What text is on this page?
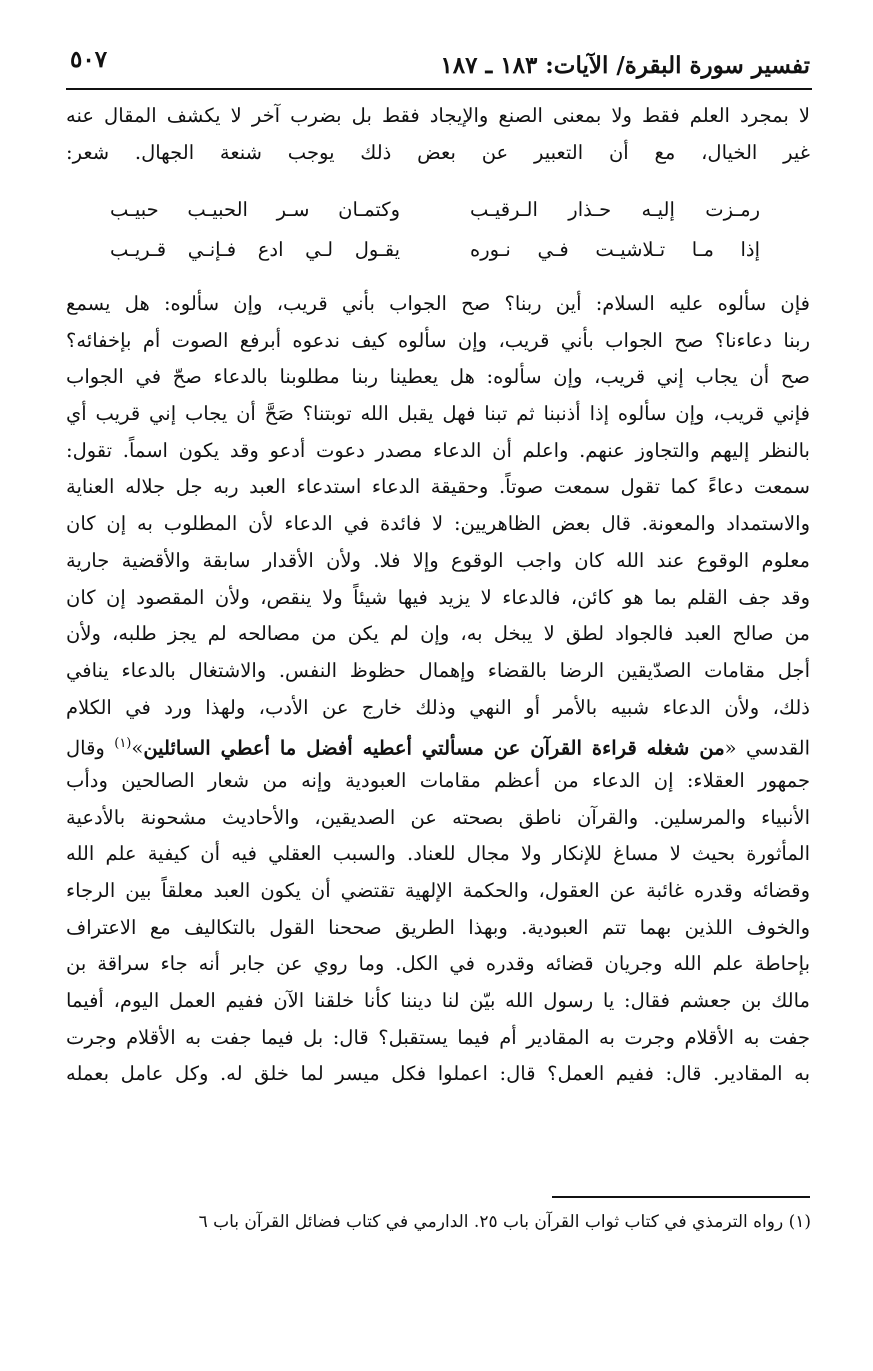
تفسير سورة البقرة/ الآيات: ١٨٣ ـ ١٨٧
٥٠٧
لا بمجرد العلم فقط ولا بمعنى الصنع والإيجاد فقط بل بضرب آخر لا يكشف المقال عنه
غير الخيال، مع أن التعبير عن بعض ذلك يوجب شنعة الجهال. شعر:
رمـزت إليـه حـذار الـرقيـب
وكتمـان سـر الحبيـب حبيـب
إذا مـا تـلاشيـت فـي نـوره
يقـول لـي ادع فـإنـي قـريـب
فإن سألوه عليه السلام: أين ربنا؟ صح الجواب بأني قريب، وإن سألوه: هل يسمع
ربنا دعاءنا؟ صح الجواب بأني قريب، وإن سألوه كيف ندعوه أبرفع الصوت أم بإخفائه؟
صح أن يجاب إني قريب، وإن سألوه: هل يعطينا ربنا مطلوبنا بالدعاء صحّ في الجواب
فإني قريب، وإن سألوه إذا أذنبنا ثم تبنا فهل يقبل الله توبتنا؟ صَحَّ أن يجاب إني قريب أي
بالنظر إليهم والتجاوز عنهم. واعلم أن الدعاء مصدر دعوت أدعو وقد يكون اسماً. تقول:
سمعت دعاءً كما تقول سمعت صوتاً. وحقيقة الدعاء استدعاء العبد ربه جل جلاله العناية
والاستمداد والمعونة. قال بعض الظاهريين: لا فائدة في الدعاء لأن المطلوب به إن كان
معلوم الوقوع عند الله كان واجب الوقوع وإلا فلا. ولأن الأقدار سابقة والأقضية جارية
وقد جف القلم بما هو كائن، فالدعاء لا يزيد فيها شيئاً ولا ينقص، ولأن المقصود إن كان
من صالح العبد فالجواد لطق لا يبخل به، وإن لم يكن من مصالحه لم يجز طلبه، ولأن
أجل مقامات الصدّيقين الرضا بالقضاء وإهمال حظوظ النفس. والاشتغال بالدعاء ينافي
ذلك، ولأن الدعاء شبيه بالأمر أو النهي وذلك خارج عن الأدب، ولهذا ورد في الكلام
القدسي «من شغله قراءة القرآن عن مسألتي أعطيه أفضل ما أعطي السائلين»$^{(١)}$ وقال
جمهور العقلاء: إن الدعاء من أعظم مقامات العبودية وإنه من شعار الصالحين ودأب
الأنبياء والمرسلين. والقرآن ناطق بصحته عن الصديقين، والأحاديث مشحونة بالأدعية
المأثورة بحيث لا مساغ للإنكار ولا مجال للعناد. والسبب العقلي فيه أن كيفية علم الله
وقضائه وقدره غائبة عن العقول، والحكمة الإلهية تقتضي أن يكون العبد معلقاً بين الرجاء
والخوف اللذين بهما تتم العبودية. وبهذا الطريق صححنا القول بالتكاليف مع الاعتراف
بإحاطة علم الله وجريان قضائه وقدره في الكل. وما روي عن جابر أنه جاء سراقة بن
مالك بن جعشم فقال: يا رسول الله بيّن لنا ديننا كأنا خلقنا الآن ففيم العمل اليوم، أفيما
جفت به الأقلام وجرت به المقادير أم فيما يستقبل؟ قال: بل فيما جفت به الأقلام وجرت
به المقادير. قال: ففيم العمل؟ قال: اعملوا فكل ميسر لما خلق له. وكل عامل بعمله
(١) رواه الترمذي في كتاب ثواب القرآن باب ٢٥. الدارمي في كتاب فضائل القرآن باب ٦
